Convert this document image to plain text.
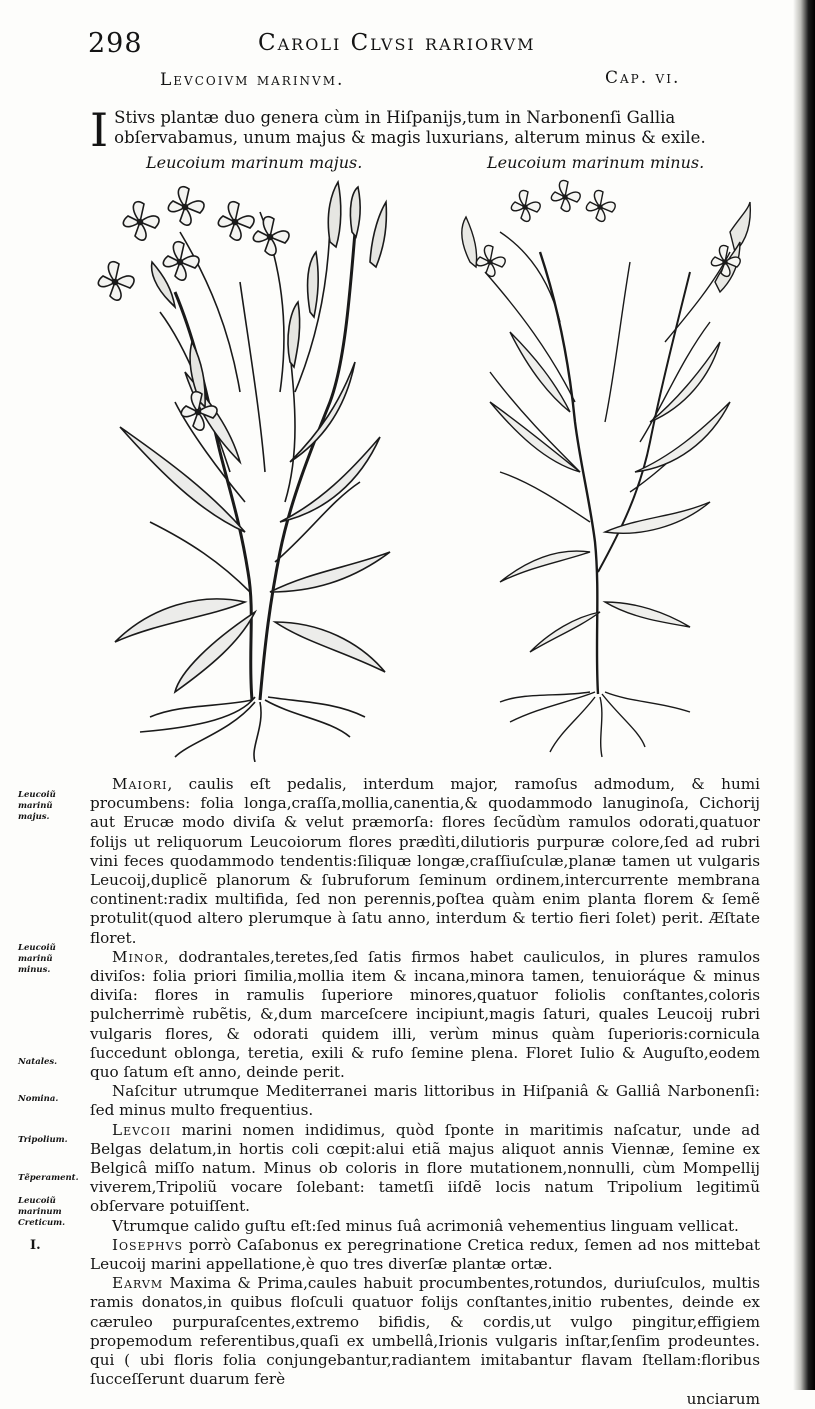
298	Caroli Clvsi rariorvm
Levcoivm marinvm.	Cap. vi.
I Stivs plantæ duo genera cùm in Hiſpanijs,tum in Narbonenſi Gallia obſervabamus, unum majus & magis luxurians, alterum minus & exile.
Leucoium marinum majus.	Leucoium marinum minus.
Leucoiũ marinũ majus.
Leucoiũ marinũ minus.
Natales.
Nomina.
Tripolium.
Tẽperament.
Leucoiũ marinum Creticum.
I.

Maiori, caulis eſt pedalis, interdum major, ramoſus admodum, & humi procumbens: folia longa,craſſa,mollia,canentia,& quodammodo lanuginoſa, Cichorij aut Erucæ modo diviſa & velut præmorſa: flores ſecũdùm ramulos odorati,quatuor folijs ut reliquorum Leucoiorum flores prædìti,dilutioris purpuræ colore,ſed ad rubri vini feces quodammodo tendentis:ſiliquæ longæ,craſſiuſculæ,planæ tamen ut vulgaris Leucoij,duplicẽ planorum & ſubruforum ſeminum ordinem,intercurrente membrana continent:radix multifida, ſed non perennis,poſtea quàm enim planta florem & ſemẽ protulit(quod altero plerumque à ſatu anno, interdum & tertio fieri ſolet) perit. Æſtate floret.

Minor, dodrantales,teretes,ſed ſatis firmos habet cauliculos, in plures ramulos diviſos: folia priori ſimilia,mollia item & incana,minora tamen, tenuioráque & minus diviſa: flores in ramulis ſuperiore minores,quatuor foliolis conſtantes,coloris pulcherrimè rubẽtis, &,dum marceſcere incipiunt,magis ſaturi, quales Leucoij rubri vulgaris flores, & odorati quidem illi, verùm minus quàm ſuperioris:cornicula ſuccedunt oblonga, teretia, exili & rufo ſemine plena. Floret Iulio & Auguſto,eodem quo ſatum eſt anno, deinde perit.

Naſcitur utrumque Mediterranei maris littoribus in Hiſpaniâ & Galliâ Narbonenſi: ſed minus multo frequentius.

Levcoii marini nomen indidimus, quòd ſponte in maritimis naſcatur, unde ad Belgas delatum,in hortis coli cœpit:alui etiã majus aliquot annis Viennæ, ſemine ex Belgicâ miſſo natum. Minus ob coloris in flore mutationem,nonnulli, cùm Mompellij viverem,Tripoliũ vocare ſolebant: tametſi iiſdẽ locis natum Tripolium legitimũ obſervare potuiſſent.

Vtrumque calido guſtu eſt:ſed minus ſuâ acrimoniâ vehementius linguam vellicat.

Iosephvs porrò Caſabonus ex peregrinatione Cretica redux, ſemen ad nos mittebat Leucoij marini appellatione,è quo tres diverſæ plantæ ortæ.

Earvm Maxima & Prima,caules habuit procumbentes,rotundos, duriuſculos, multis ramis donatos,in quibus floſculi quatuor folijs conſtantes,initio rubentes, deinde ex cæruleo purpuraſcentes,extremo bifidis, & cordis,ut vulgo pingitur,effigiem propemodum referentibus,quaſi ex umbellâ,Irionis vulgaris inſtar,ſenſim prodeuntes. qui ( ubi floris folia conjungebantur,radiantem imitabantur flavam ſtellam:floribus ſucceſſerunt duarum ferè

unciarum
